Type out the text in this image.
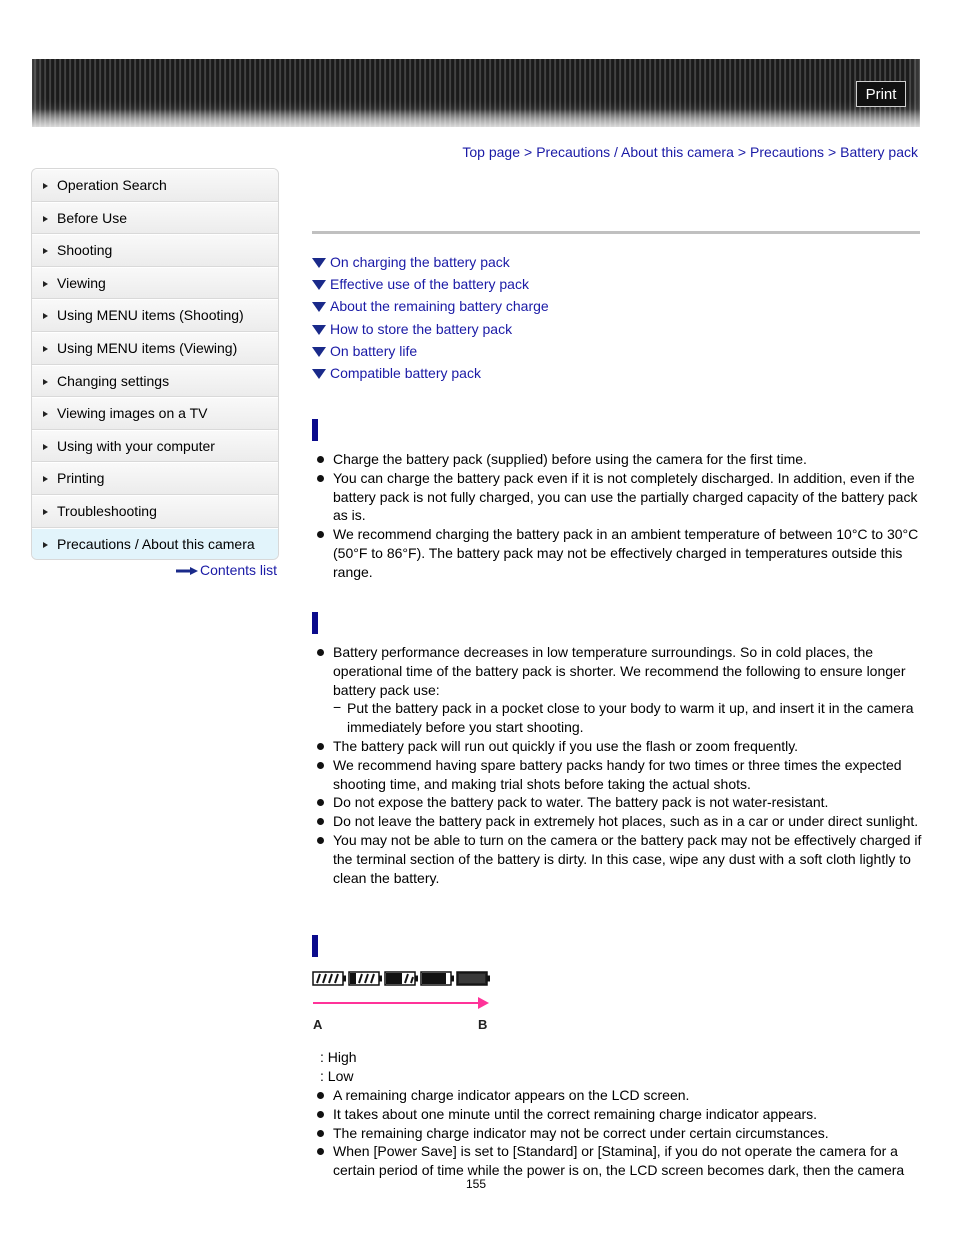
Print
Top page > Precautions / About this camera > Precautions > Battery pack
Operation Search
Before Use
Shooting
Viewing
Using MENU items (Shooting)
Using MENU items (Viewing)
Changing settings
Viewing images on a TV
Using with your computer
Printing
Troubleshooting
Precautions / About this camera
Contents list
On charging the battery pack
Effective use of the battery pack
About the remaining battery charge
How to store the battery pack
On battery life
Compatible battery pack
Charge the battery pack (supplied) before using the camera for the first time.
You can charge the battery pack even if it is not completely discharged. In addition, even if the battery pack is not fully charged, you can use the partially charged capacity of the battery pack as is.
We recommend charging the battery pack in an ambient temperature of between 10°C to 30°C (50°F to 86°F). The battery pack may not be effectively charged in temperatures outside this range.
Battery performance decreases in low temperature surroundings. So in cold places, the operational time of the battery pack is shorter. We recommend the following to ensure longer battery pack use:
− Put the battery pack in a pocket close to your body to warm it up, and insert it in the camera immediately before you start shooting.
The battery pack will run out quickly if you use the flash or zoom frequently.
We recommend having spare battery packs handy for two times or three times the expected shooting time, and making trial shots before taking the actual shots.
Do not expose the battery pack to water. The battery pack is not water-resistant.
Do not leave the battery pack in extremely hot places, such as in a car or under direct sunlight.
You may not be able to turn on the camera or the battery pack may not be effectively charged if the terminal section of the battery is dirty. In this case, wipe any dust with a soft cloth lightly to clean the battery.
A	B
: High
: Low
A remaining charge indicator appears on the LCD screen.
It takes about one minute until the correct remaining charge indicator appears.
The remaining charge indicator may not be correct under certain circumstances.
When [Power Save] is set to [Standard] or [Stamina], if you do not operate the camera for a certain period of time while the power is on, the LCD screen becomes dark, then the camera
155
